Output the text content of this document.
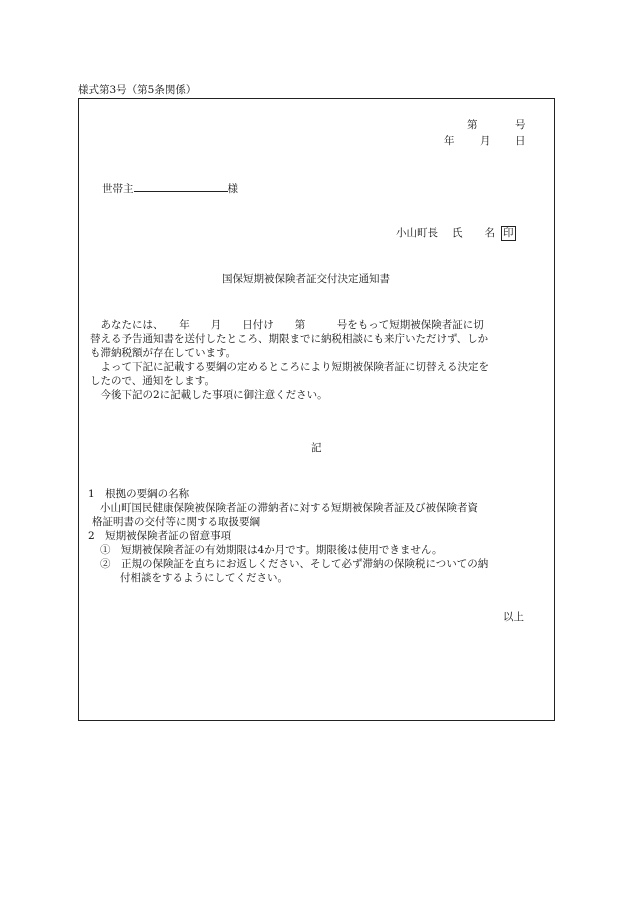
様式第3号（第5条関係）
第	号
年 月 日
世帯主	様
小山町長 氏 名 印
国保短期被保険者証交付決定通知書

あなたには、　　年　　月　　日付け　　第　　　号をもって短期被保険者証に切

替える予告通知書を送付したところ、期限までに納税相談にも来庁いただけず、しか

も滞納税額が存在しています。

よって下記に記載する要綱の定めるところにより短期被保険者証に切替える決定を

したので、通知をします。

今後下記の2に記載した事項に御注意ください。

記

1　根拠の要綱の名称

小山町国民健康保険被保険者証の滞納者に対する短期被保険者証及び被保険者資

格証明書の交付等に関する取扱要綱

2　短期被保険者証の留意事項

①　短期被保険者証の有効期限は4か月です。期限後は使用できません。

②　正規の保険証を直ちにお返しください、そして必ず滞納の保険税についての納

付相談をするようにしてください。

以上
